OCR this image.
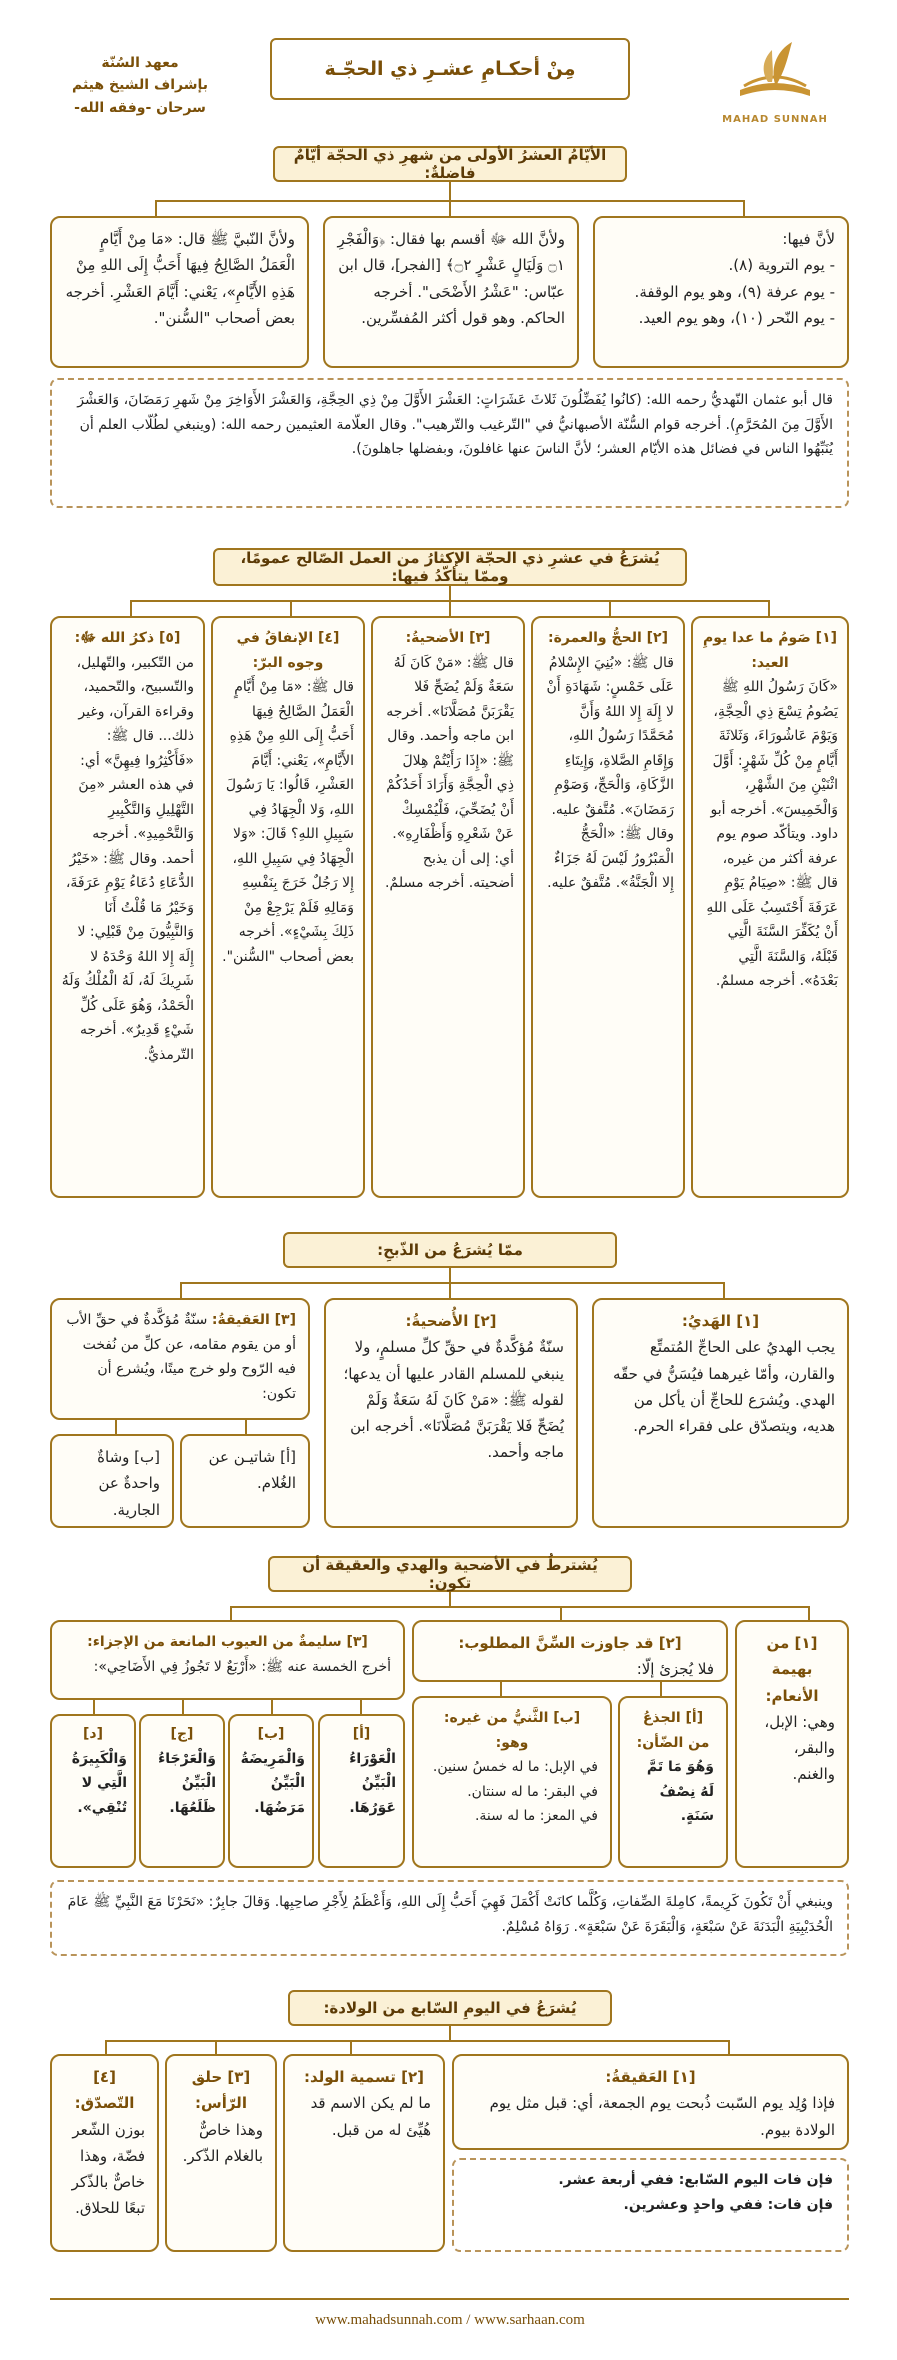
MAHAD SUNNAH
مِنْ أحكـامِ عشـرِ ذي الحجّـة
معهد السُنّة
بإشراف الشيخ هيثم
سرحان -وفقه الله-
الأيّامُ العشرُ الأولى من شهرِ ذي الحجّة أيّامٌ فاضلةٌ:

لأنَّ فيها:

- يوم التروية (٨).

- يوم عرفة (٩)، وهو يوم الوقفة.

- يوم النّحر (١٠)، وهو يوم العيد.

ولأنَّ الله ﷻ أقسم بها فقال: ﴿وَالْفَجْرِ ۝١ وَلَيَالٍ عَشْرٍ ۝٢﴾ [الفجر]، قال ابن عبّاس: "عَشْرُ الأَضْحَى". أخرجه الحاكم. وهو قول أكثر المُفسِّرين.

ولأنَّ النّبيَّ ﷺ قال: «مَا مِنْ أَيَّامٍ الْعَمَلُ الصَّالِحُ فِيهَا أَحَبُّ إِلَى اللهِ مِنْ هَذِهِ الأَيَّامِ»، يَعْني: أَيَّامَ العَشْرِ. أخرجه بعض أصحاب "السُّنن".

قال أبو عثمان النّهديُّ رحمه الله: (كانُوا يُفَضِّلُونَ ثَلاثَ عَشَرَاتٍ: العَشْرَ الأَوَّلَ مِنْ ذِي الحِجَّةِ، وَالعَشْرَ الأَوَاخِرَ مِنْ شَهرِ رَمَضَانَ، وَالعَشْرَ الأَوَّلَ مِنَ المُحَرَّمِ). أخرجه قوام السُّنّة الأصبهانيُّ في "التّرغيب والتّرهيب". وقال العلّامة العثيمين رحمه الله: (وينبغي لطُلّاب العلم أن يُنَبِّهُوا الناس في فضائل هذه الأيّام العشر؛ لأنَّ الناسَ عنها غافلونَ، وبفضلها جاهلونَ).

يُشرَعُ في عشرِ ذي الحجّة الإكثارُ من العمل الصّالح عمومًا، وممّا يتأكّدُ فيها:
[١] صَومُ ما عدا يومِ العيد:

«كَانَ رَسُولُ اللهِ ﷺ يَصُومُ تِسْعَ ذِي الْحِجَّةِ، وَيَوْمَ عَاشُورَاءَ، وَثَلاثَةَ أَيَّامٍ مِنْ كُلِّ شَهْرٍ: أَوَّلَ اثْنَيْنِ مِنَ الشَّهْرِ، وَالْخَمِيسَ». أخرجه أبو داود. ويتأكّد صوم يوم عرفة أكثر من غيره، قال ﷺ: «صِيَامُ يَوْمِ عَرَفَةَ أَحْتَسِبُ عَلَى اللهِ أَنْ يُكَفِّرَ السَّنَةَ الَّتِي قَبْلَهُ، وَالسَّنَةَ الَّتِي بَعْدَهُ». أخرجه مسلمٌ.

[٢] الحجُّ والعمرة:

قال ﷺ: «بُنِيَ الإِسْلامُ عَلَى خَمْسٍ: شَهَادَةِ أَنْ لا إِلَهَ إِلا اللهُ وَأَنَّ مُحَمَّدًا رَسُولُ اللهِ، وَإِقَامِ الصَّلاةِ، وَإِيتَاءِ الزَّكَاةِ، وَالْحَجِّ، وَصَوْمِ رَمَضَانَ». مُتَّفقٌ عليه. وقال ﷺ: «الْحَجُّ الْمَبْرُورُ لَيْسَ لَهُ جَزَاءٌ إِلا الْجَنَّةُ». مُتَّفقٌ عليه.

[٣] الأضحيةُ:

قال ﷺ: «مَنْ كَانَ لَهُ سَعَةٌ وَلَمْ يُضَحِّ فَلا يَقْرَبَنَّ مُصَلَّانَا». أخرجه ابن ماجه وأحمد. وقال ﷺ: «إِذَا رَأَيْتُمْ هِلالَ ذِي الْحِجَّةِ وَأَرَادَ أَحَدُكُمْ أَنْ يُضَحِّيَ، فَلْيُمْسِكْ عَنْ شَعْرِهِ وَأَظْفَارِهِ». أي: إلى أن يذبح أضحيته. أخرجه مسلمٌ.

[٤] الإنفاقُ في وجوه البرّ:

قال ﷺ: «مَا مِنْ أَيَّامٍ الْعَمَلُ الصَّالِحُ فِيهَا أَحَبُّ إِلَى اللهِ مِنْ هَذِهِ الأَيَّامِ»، يَعْني: أَيَّامَ العَشْرِ، قَالُوا: يَا رَسُولَ اللهِ، وَلا الْجِهَادُ فِي سَبِيلِ اللهِ؟ قَالَ: «وَلا الْجِهَادُ فِي سَبِيلِ اللهِ، إِلا رَجُلٌ خَرَجَ بِنَفْسِهِ وَمَالِهِ فَلَمْ يَرْجِعْ مِنْ ذَلِكَ بِشَيْءٍ». أخرجه بعض أصحاب "السُّنن".

[٥] ذكرُ الله ﷻ:

من التّكبير، والتّهليل، والتّسبيح، والتّحميد، وقراءة القرآن، وغير ذلك... قال ﷺ: «فَأَكْثِرُوا فِيهِنَّ» أي: في هذه العشر «مِنَ التَّهْلِيلِ وَالتَّكْبِيرِ وَالتَّحْمِيدِ». أخرجه أحمد. وقال ﷺ: «خَيْرُ الدُّعَاءِ دُعَاءُ يَوْمِ عَرَفَةَ، وَخَيْرُ مَا قُلْتُ أَنَا وَالنَّبِيُّونَ مِنْ قَبْلِي: لا إِلَهَ إِلا اللهُ وَحْدَهُ لا شَرِيكَ لَهُ، لَهُ الْمُلْكُ وَلَهُ الْحَمْدُ، وَهُوَ عَلَى كُلِّ شَيْءٍ قَدِيرٌ». أخرجه التّرمذيُّ.

ممّا يُشرَعُ من الذّبحِ:
[١] الهَديُ:

يجب الهديُ على الحاجِّ المُتمتِّع والقارن، وأمّا غيرهما فيُسَنُّ في حقّه الهدي. ويُشرَع للحاجِّ أن يأكل من هديه، ويتصدّق على فقراء الحرم.

[٢] الأُضحيةُ:

سنّةٌ مُؤكَّدةٌ في حقِّ كلِّ مسلمٍ، ولا ينبغي للمسلم القادر عليها أن يدعها؛ لقوله ﷺ: «مَنْ كَانَ لَهُ سَعَةٌ وَلَمْ يُضَحِّ فَلا يَقْرَبَنَّ مُصَلَّانَا». أخرجه ابن ماجه وأحمد.

[٣] العَقيقةُ: سنّةٌ مُؤكَّدةٌ في حقِّ الأب أو من يقوم مقامه، عن كلِّ من نُفخت فيه الرّوح ولو خرج ميتًا، ويُشرع أن تكون:

[أ] شاتيـن عن الغُلام.

[ب] وشاةٌ واحدةٌ عن الجارية.

يُشترطُ في الأضحية والهدي والعقيقة أن تكون:
[١] من بهيمة الأنعام:

وهي: الإبل، والبقر، والغنم.

[٢] قد جاوزت السِّنَّ المطلوب:

فلا يُجزئ إلّا:

[أ] الجذعُ من الضّأن:

وَهُوَ مَا تَمَّ لَهُ نِصْفُ سَنَةٍ.

[ب] الثَّنيُّ من غيره: وهو:

في الإبل: ما له خمسُ سنين.

في البقر: ما له سنتان.

في المعز: ما له سنة.

[٣] سليمةٌ من العيوب المانعة من الإجزاء:

أخرج الخمسة عنه ﷺ: «أَرْبَعٌ لا تَجُوزُ فِي الأَضَاحِي»:

[أ]

الْعَوْرَاءُ الْبَيِّنُ عَوَرُهَا.

[ب]

وَالْمَرِيضَةُ الْبَيِّنُ مَرَضُهَا.

[ج]

وَالْعَرْجَاءُ الْبَيِّنُ ظَلَعُهَا.

[د]

وَالْكَبِيرَةُ الَّتِي لا تُنْقِي».

وينبغي أَنْ تَكُونَ كَرِيمةً، كامِلةَ الصِّفاتِ، وَكُلَّما كانَتْ أَكْمَلَ فَهِيَ أَحَبُّ إِلَى اللهِ، وَأَعْظَمُ لِأَجْرِ صاحِبِها. وَقالَ جابِرٌ: «نَحَرْنَا مَعَ النَّبِيِّ ﷺ عَامَ الْحُدَيْبِيَةِ الْبَدَنَةَ عَنْ سَبْعَةٍ، وَالْبَقَرَةَ عَنْ سَبْعَةٍ». رَوَاهُ مُسْلِمٌ.

يُشرَعُ في اليومِ السّابع من الولادة:
[١] العَقيقةُ:

فإذا وُلِد يوم السّبت ذُبحت يوم الجمعة، أي: قبل مثل يوم الولادة بيوم.

فإن فات اليوم السّابع: ففي أربعة عشر.

فإن فات: ففي واحدٍ وعشرين.

[٢] تسمية الولد:

ما لم يكن الاسم قد هُيِّئ له من قبل.

[٣] حلق الرّأس:

وهذا خاصٌّ بالغلام الذّكر.

[٤] التّصدّق:

بوزن الشّعر فضّة، وهذا خاصٌّ بالذّكر تبعًا للحلاق.

www.mahadsunnah.com / www.sarhaan.com
